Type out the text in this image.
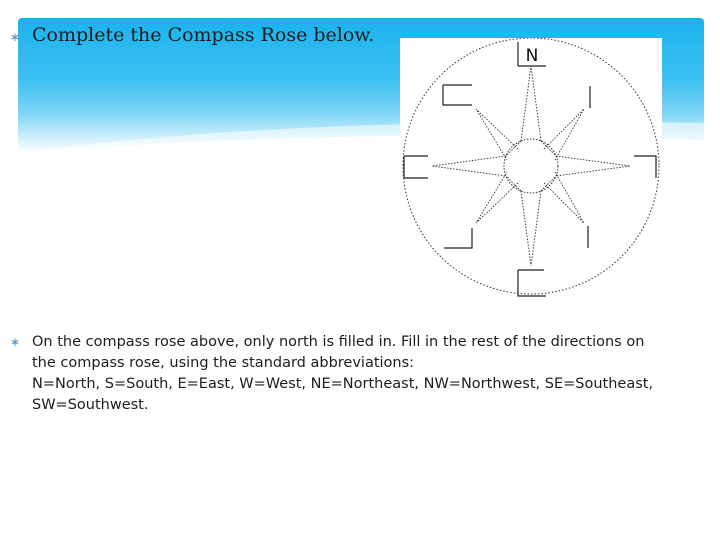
∗ Complete the Compass Rose below.
N
∗ On the compass rose above, only north is filled in. Fill in the rest of the directions on
the compass rose, using the standard abbreviations:
N=North, S=South, E=East, W=West, NE=Northeast, NW=Northwest, SE=Southeast,
SW=Southwest.
